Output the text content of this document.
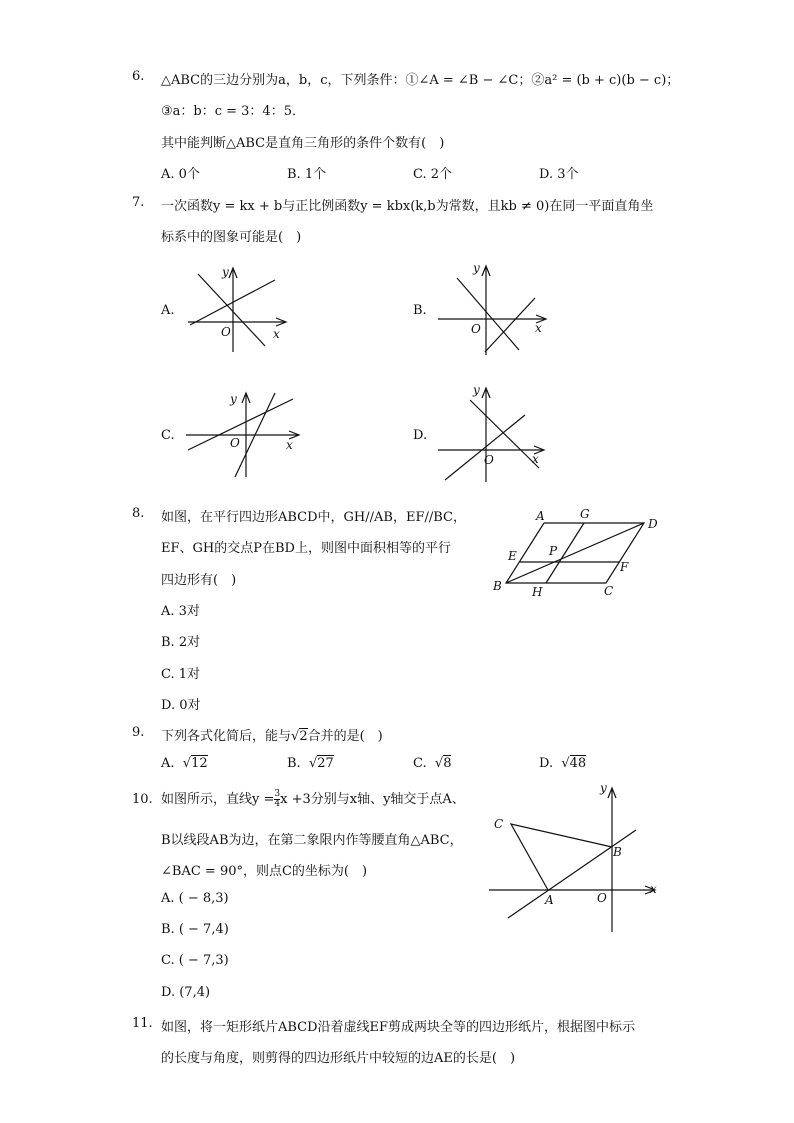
6.	△ABC的三边分别为a，b，c，下列条件：①∠A = ∠B − ∠C；②a² = (b + c)(b − c)；
③a：b：c = 3：4：5．
其中能判断△ABC是直角三角形的条件个数有(　)
A. 0个	B. 1个	C. 2个	D. 3个
7.	一次函数y = kx + b与正比例函数y = kbx(k,b为常数，且kb ≠ 0)在同一平面直角坐
标系中的图象可能是(　)
A.
y
O	x
B.
y
O	x
C.
y
O	x
D.
y
O	x
8.	如图，在平行四边形ABCD中，GH//AB，EF//BC，
EF、GH的交点P在BD上，则图中面积相等的平行
四边形有(　)
A. 3对
B. 2对
C. 1对
D. 0对
A	G
D
E	P
F
B	H	C
9.	下列各式化简后，能与√2合并的是(　)
A.  √12	B.  √27	C.  √8	D.  √48
10. 如图所示，直线$y = \frac{3}{4}$ x +3分别与x轴、y轴交于点A、
B以线段AB为边，在第二象限内作等腰直角△ABC，
∠BAC = 90°，则点C的坐标为(　)
A. ( − 8,3)
B. ( − 7,4)
C. ( − 7,3)
D. (7,4)
y
x
C
B
A	O
11. 如图，将一矩形纸片ABCD沿着虚线EF剪成两块全等的四边形纸片，根据图中标示
的长度与角度，则剪得的四边形纸片中较短的边AE的长是(　)
